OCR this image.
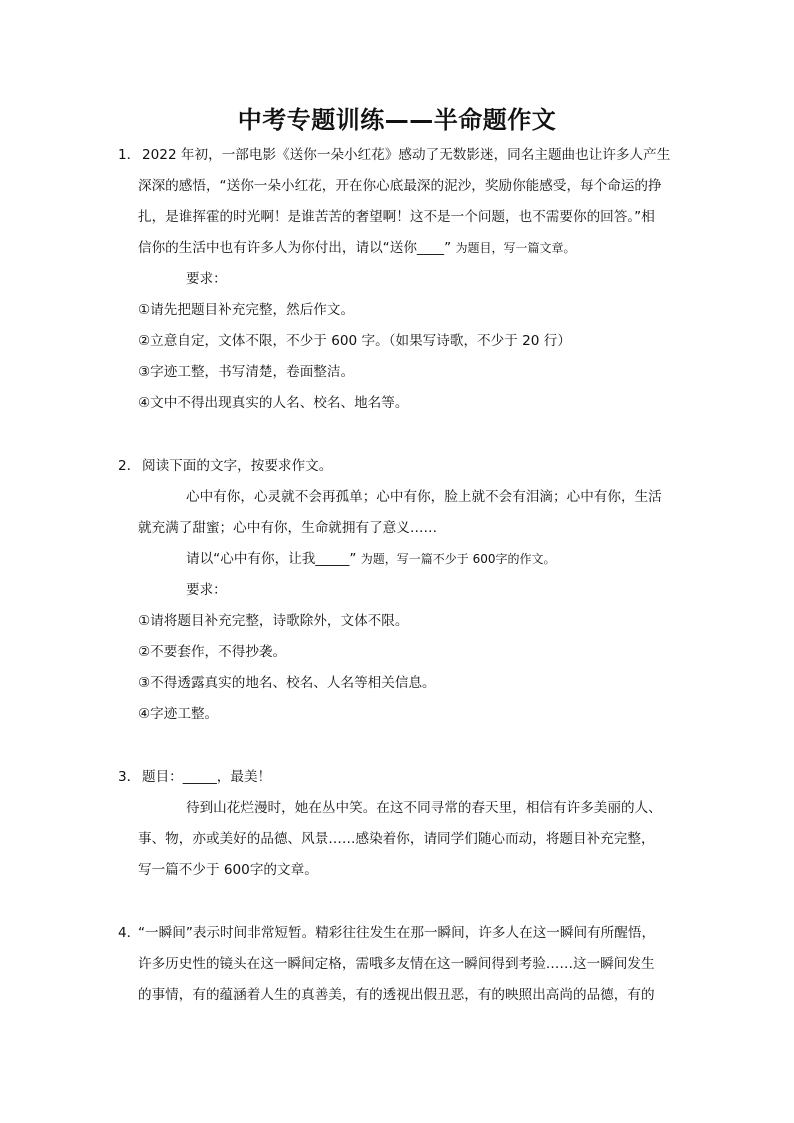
中考专题训练——半命题作文
1． 2022 年初，一部电影《送你一朵小红花》感动了无数影迷，同名主题曲也让许多人产生
深深的感悟，“送你一朵小红花，开在你心底最深的泥沙，奖励你能感受，每个命运的挣
扎，是谁挥霍的时光啊！是谁苦苦的奢望啊！这不是一个问题，也不需要你的回答。”相
信你的生活中也有许多人为你付出，请以“送你____” 为题目，写一篇文章。
要求：
①请先把题目补充完整，然后作文。
②立意自定，文体不限，不少于 600 字。（如果写诗歌，不少于 20 行）
③字迹工整，书写清楚，卷面整洁。
④文中不得出现真实的人名、校名、地名等。
2． 阅读下面的文字，按要求作文。
心中有你，心灵就不会再孤单；心中有你，脸上就不会有泪滴；心中有你，生活
就充满了甜蜜；心中有你，生命就拥有了意义……
请以“心中有你，让我_____” 为题，写一篇不少于 600字的作文。
要求：
①请将题目补充完整，诗歌除外，文体不限。
②不要套作，不得抄袭。
③不得透露真实的地名、校名、人名等相关信息。
④字迹工整。
3． 题目：_____，最美！
待到山花烂漫时，她在丛中笑。在这不同寻常的春天里，相信有许多美丽的人、
事、物，亦或美好的品德、风景……感染着你，请同学们随心而动，将题目补充完整，
写一篇不少于 600字的文章。
4．
“一瞬间”表示时间非常短暂。精彩往往发生在那一瞬间，许多人在这一瞬间有所醒悟，
许多历史性的镜头在这一瞬间定格，需哦多友情在这一瞬间得到考验……这一瞬间发生
的事情，有的蕴涵着人生的真善美，有的透视出假丑恶，有的映照出高尚的品德，有的
